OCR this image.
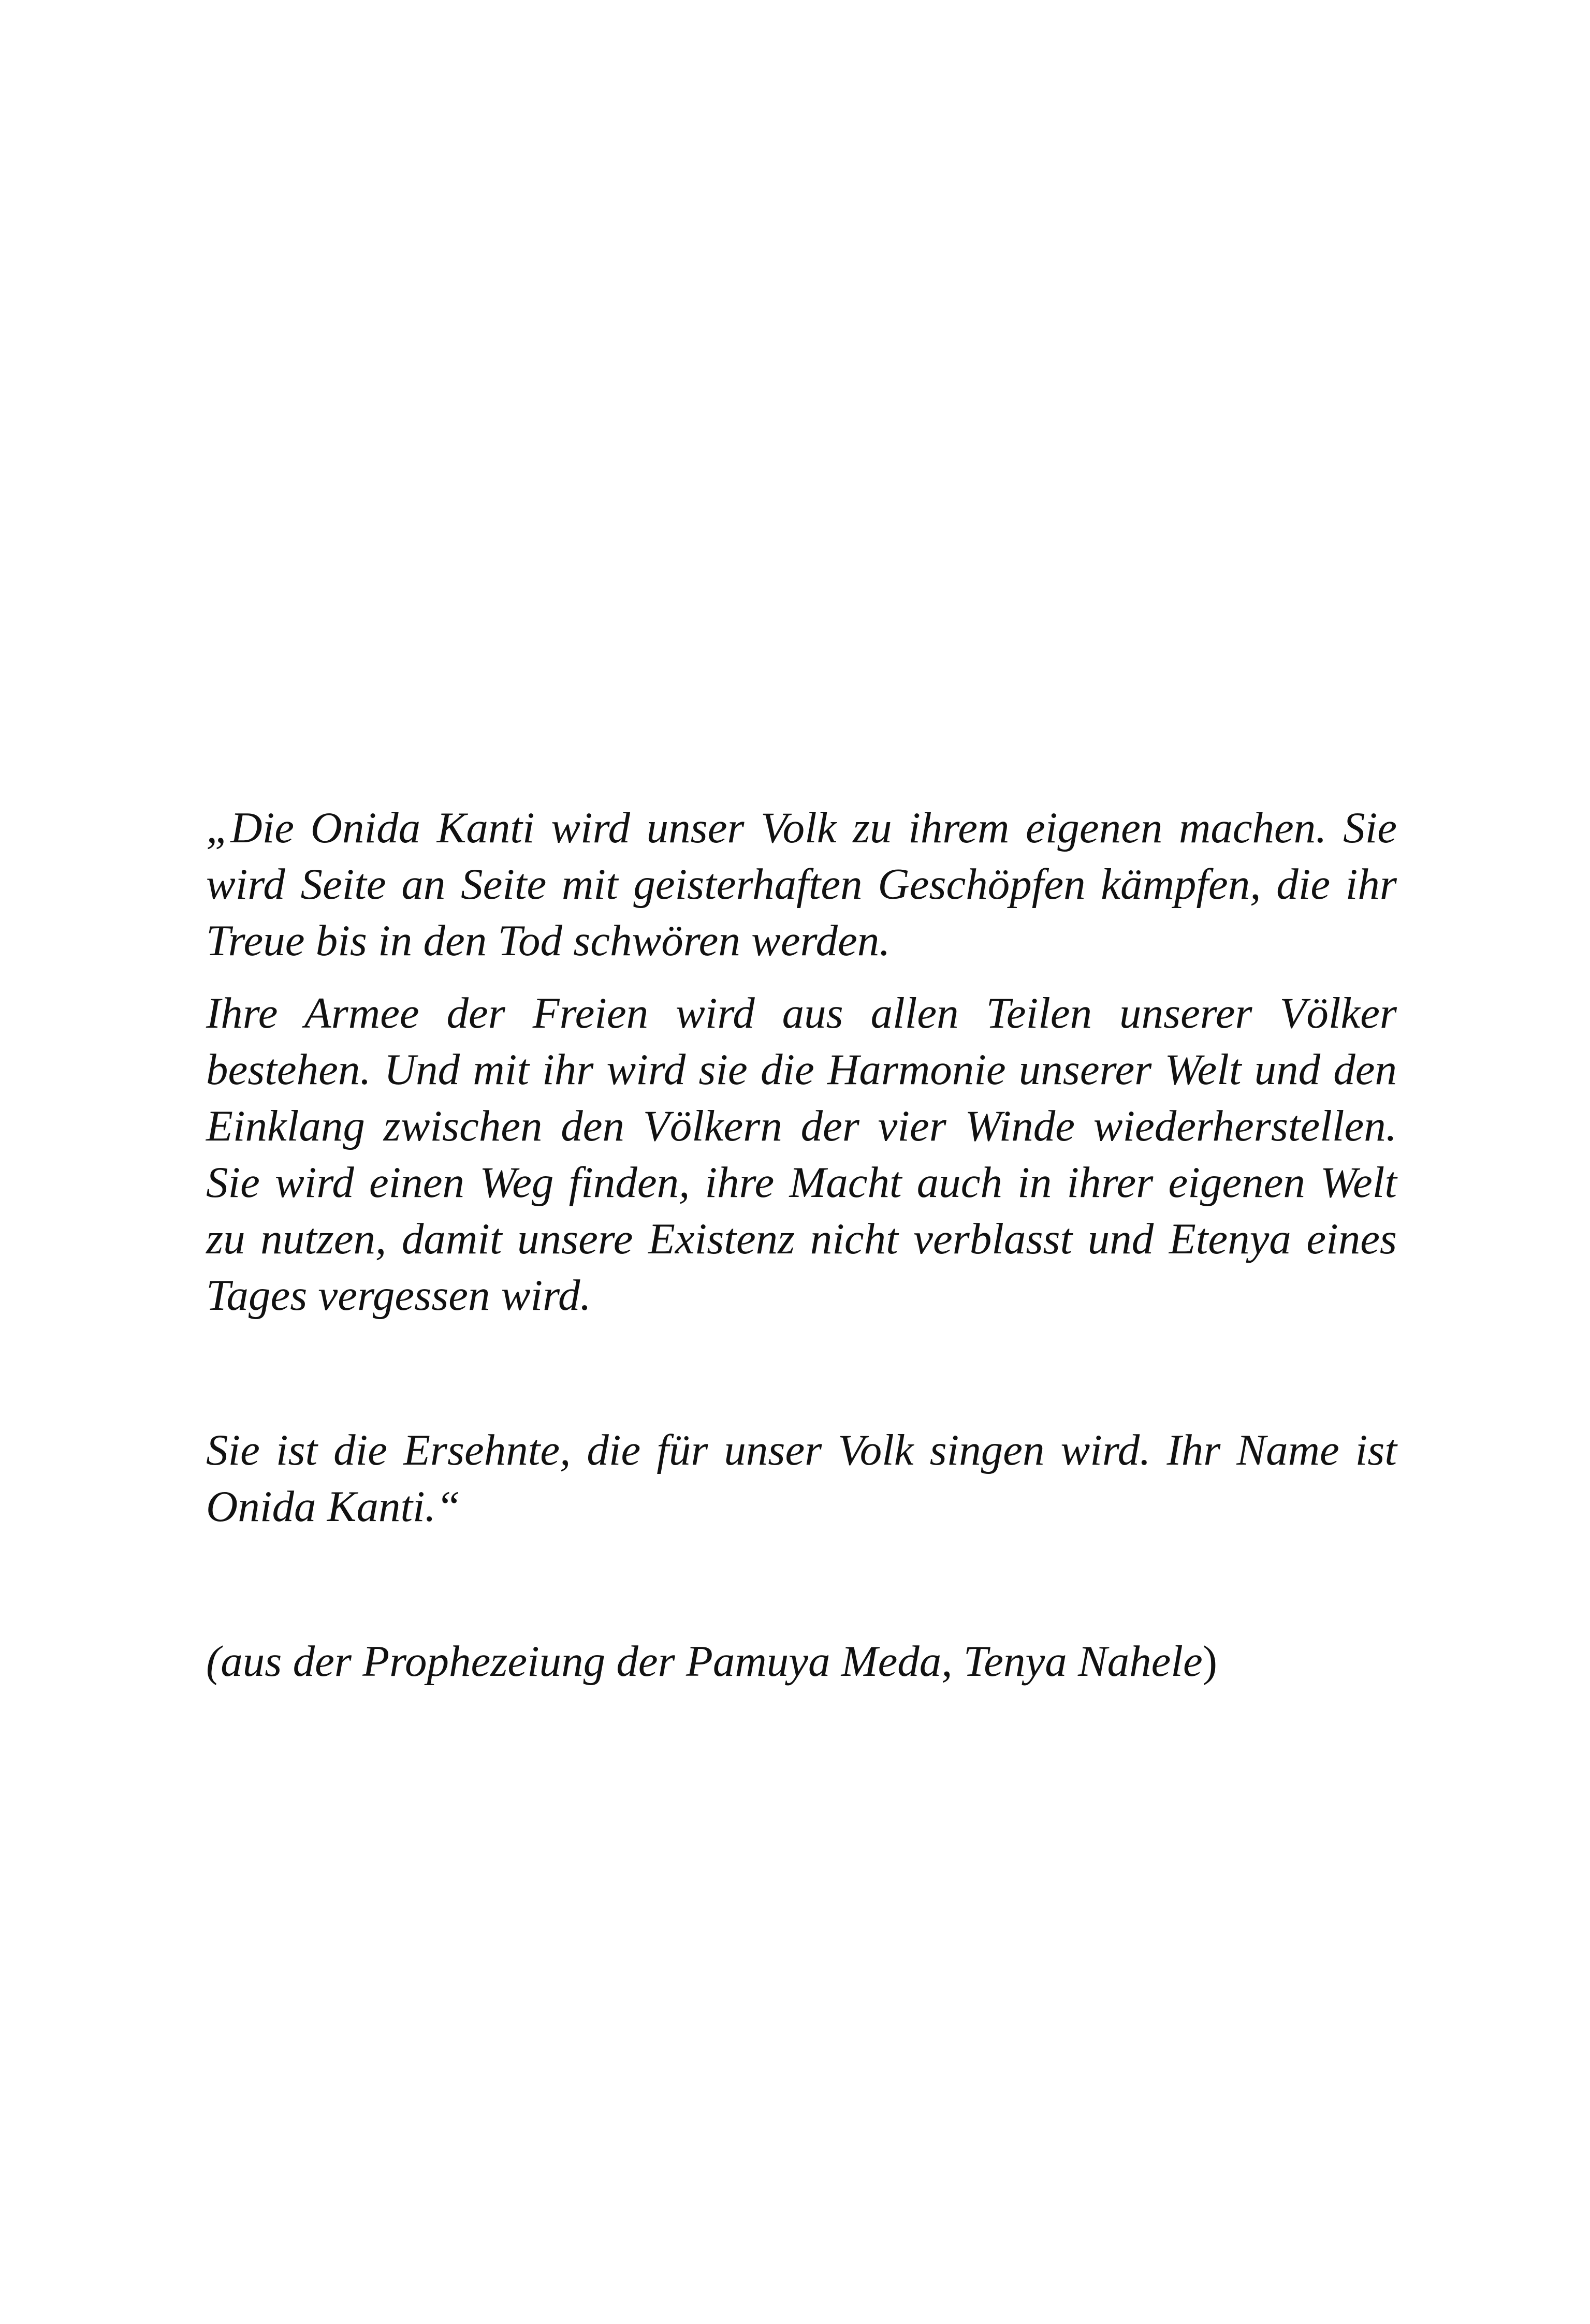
„Die Onida Kanti wird unser Volk zu ihrem eigenen machen. Sie wird Seite an Seite mit geisterhaften Geschöpfen kämpfen, die ihr Treue bis in den Tod schwören werden.

Ihre Armee der Freien wird aus allen Teilen unserer Völker bestehen. Und mit ihr wird sie die Harmonie unserer Welt und den Einklang zwischen den Völkern der vier Winde wiederherstellen. Sie wird einen Weg finden, ihre Macht auch in ihrer eigenen Welt zu nutzen, damit unsere Existenz nicht verblasst und Etenya eines Tages vergessen wird.

Sie ist die Ersehnte, die für unser Volk singen wird. Ihr Name ist Onida Kanti.“

(aus der Prophezeiung der Pamuya Meda, Tenya Nahele)
